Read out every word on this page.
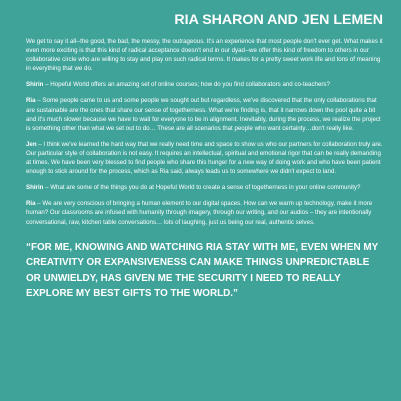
RIA SHARON AND JEN LEMEN

We get to say it all--the good, the bad, the messy, the outrageous. It's an experience that most people don't ever get. What makes it even more exciting is that this kind of radical acceptance doesn't end in our dyad--we offer this kind of freedom to others in our collaborative circle who are willing to stay and play on such radical terms. It makes for a pretty sweet work life and tons of meaning in everything that we do.

Shirin – Hopeful World offers an amazing set of online courses; how do you find collaborators and co-teachers?

Ria – Some people came to us and some people we sought out but regardless, we've discovered that the only collaborations that are sustainable are the ones that share our sense of togetherness. What we're finding is, that it narrows down the pool quite a bit and it's much slower because we have to wait for everyone to be in alignment. Inevitably, during the process, we realize the project is something other than what we set out to do… These are all scenarios that people who want certainty…don't really like.

Jen – I think we've learned the hard way that we really need time and space to show us who our partners for collaboration truly are. Our particular style of collaboration is not easy. It requires an intellectual, spiritual and emotional rigor that can be really demanding at times. We have been very blessed to find people who share this hunger for a new way of doing work and who have been patient enough to stick around for the process, which as Ria said, always leads us to somewhere we didn't expect to land.

Shirin – What are some of the things you do at Hopeful World to create a sense of togetherness in your online community?

Ria – We are very conscious of bringing a human element to our digital spaces. How can we warm up technology, make it more human? Our classrooms are infused with humanity through imagery, through our writing, and our audios – they are intentionally conversational, raw, kitchen table conversations… lots of laughing, just us being our real, authentic selves.

“FOR ME, KNOWING AND WATCHING RIA STAY WITH ME, EVEN WHEN MY CREATIVITY OR EXPANSIVENESS CAN MAKE THINGS UNPREDICTABLE OR UNWIELDY, HAS GIVEN ME THE SECURITY I NEED TO REALLY EXPLORE MY BEST GIFTS TO THE WORLD.”
